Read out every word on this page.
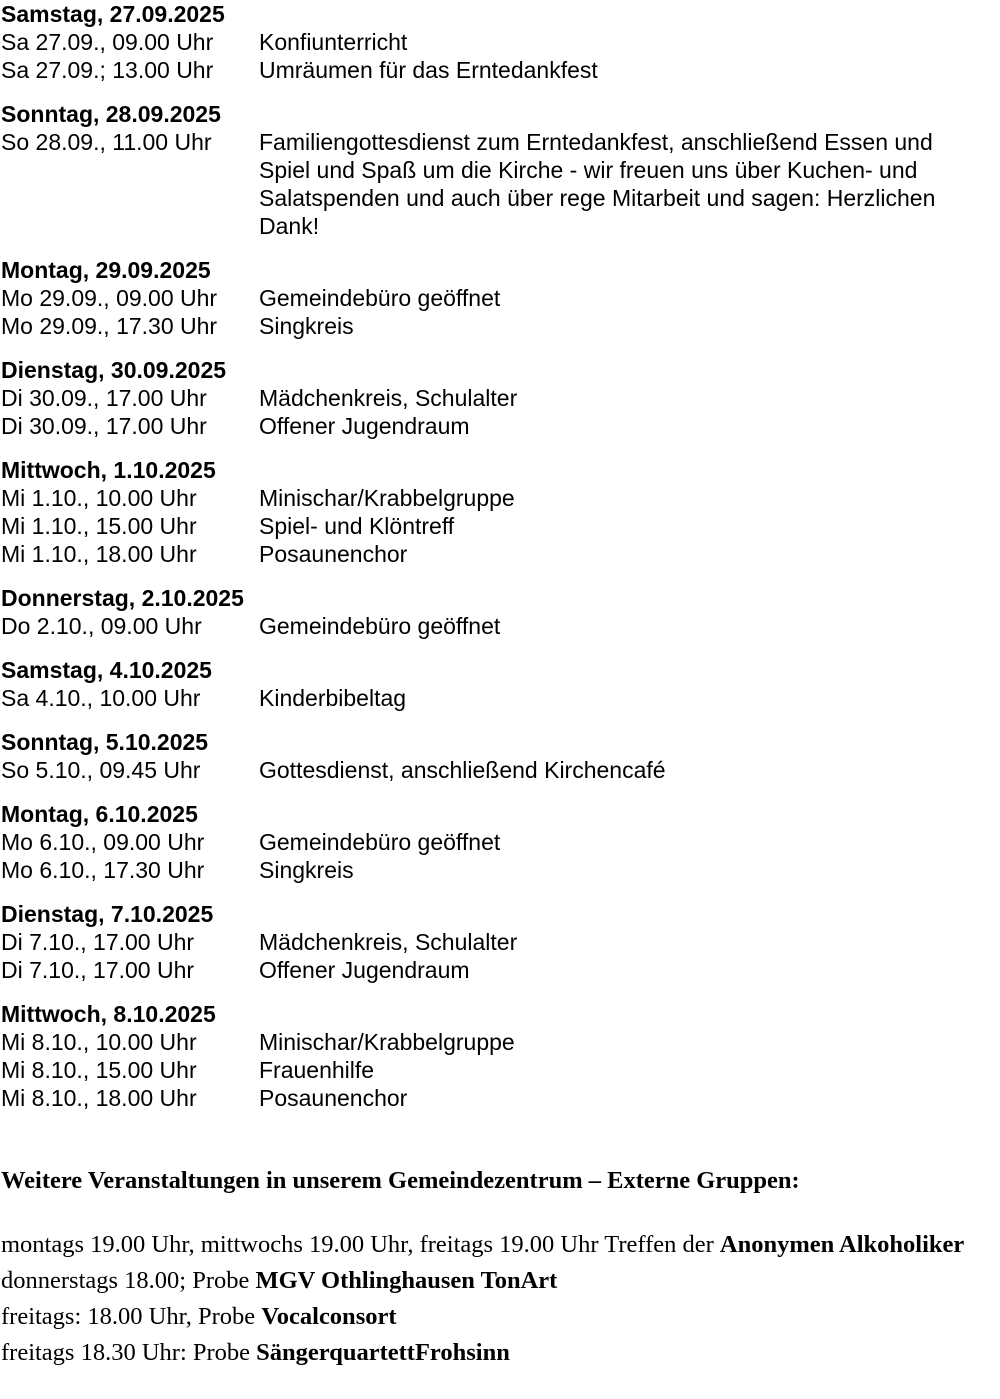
Samstag, 27.09.2025
Sa 27.09., 09.00 Uhr	Konfiunterricht
Sa 27.09.; 13.00 Uhr	Umräumen für das Erntedankfest
Sonntag, 28.09.2025
So 28.09., 11.00 Uhr	Familiengottesdienst zum Erntedankfest, anschließend Essen und Spiel und Spaß um die Kirche - wir freuen uns über Kuchen- und Salatspenden und auch über rege Mitarbeit und sagen: Herzlichen Dank!
Montag, 29.09.2025
Mo 29.09., 09.00 Uhr	Gemeindebüro geöffnet
Mo 29.09., 17.30 Uhr	Singkreis
Dienstag, 30.09.2025
Di 30.09., 17.00 Uhr	Mädchenkreis, Schulalter
Di 30.09., 17.00 Uhr	Offener Jugendraum
Mittwoch, 1.10.2025
Mi 1.10., 10.00 Uhr	Minischar/Krabbelgruppe
Mi 1.10., 15.00 Uhr	Spiel- und Klöntreff
Mi 1.10., 18.00 Uhr	Posaunenchor
Donnerstag, 2.10.2025
Do 2.10., 09.00 Uhr	Gemeindebüro geöffnet
Samstag, 4.10.2025
Sa 4.10., 10.00 Uhr	Kinderbibeltag
Sonntag, 5.10.2025
So 5.10., 09.45 Uhr	Gottesdienst, anschließend Kirchencafé
Montag, 6.10.2025
Mo 6.10., 09.00 Uhr	Gemeindebüro geöffnet
Mo 6.10., 17.30 Uhr	Singkreis
Dienstag, 7.10.2025
Di 7.10., 17.00 Uhr	Mädchenkreis, Schulalter
Di 7.10., 17.00 Uhr	Offener Jugendraum
Mittwoch, 8.10.2025
Mi 8.10., 10.00 Uhr	Minischar/Krabbelgruppe
Mi 8.10., 15.00 Uhr	Frauenhilfe
Mi 8.10., 18.00 Uhr	Posaunenchor
Weitere Veranstaltungen in unserem Gemeindezentrum – Externe Gruppen:
montags 19.00 Uhr, mittwochs 19.00 Uhr, freitags 19.00 Uhr Treffen der Anonymen Alkoholiker
donnerstags 18.00; Probe MGV Othlinghausen TonArt
freitags: 18.00 Uhr, Probe Vocalconsort
freitags 18.30 Uhr: Probe SängerquartettFrohsinn
